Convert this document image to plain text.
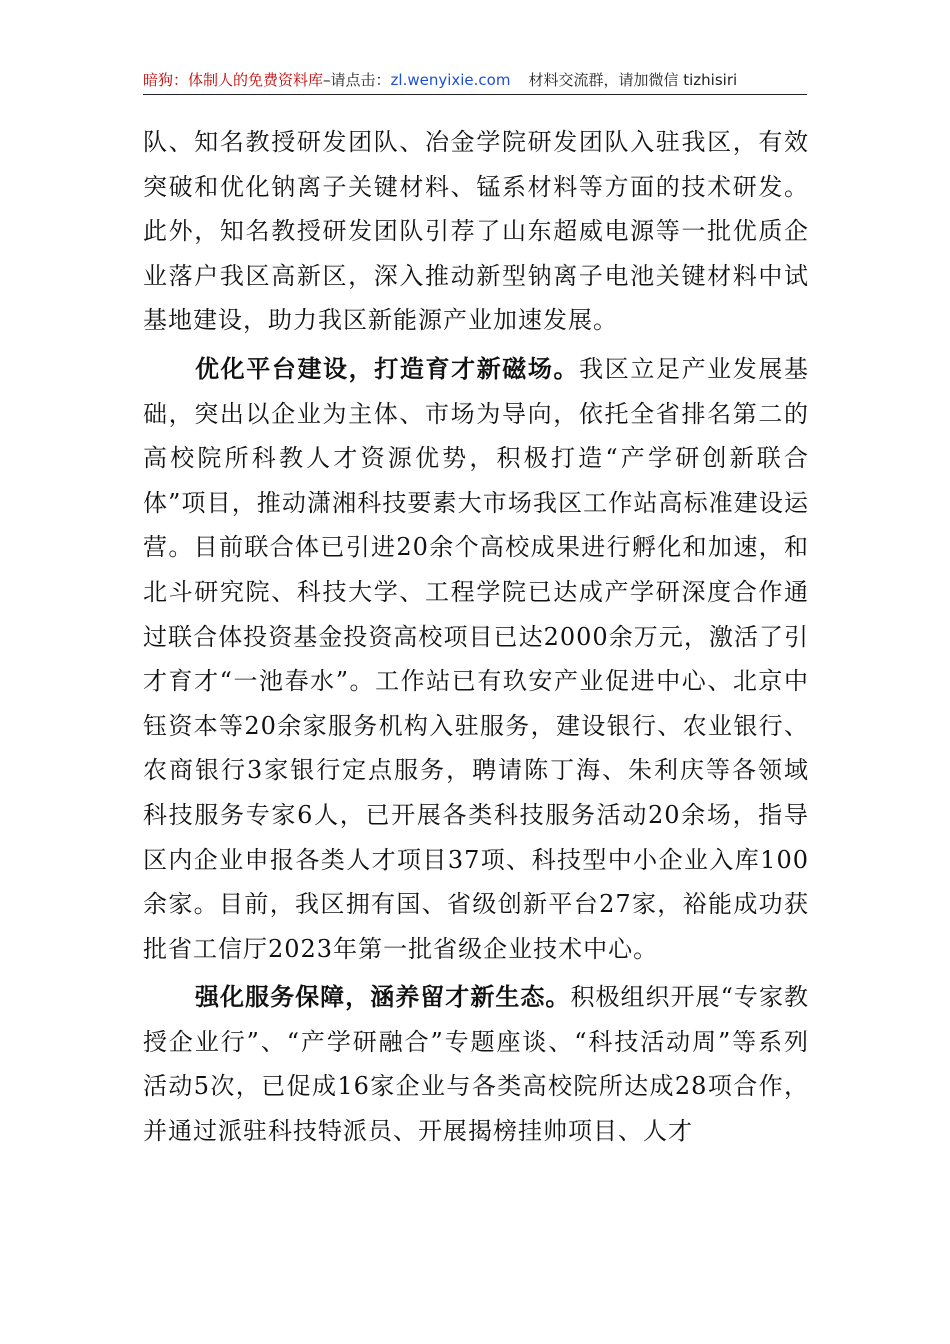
暗狗：体制人的免费资料库–请点击：zl.wenyixie.com 材料交流群，请加微信 tizhisiri

队、知名教授研发团队、冶金学院研发团队入驻我区，有效突破和优化钠离子关键材料、锰系材料等方面的技术研发。此外，知名教授研发团队引荐了山东超威电源等一批优质企业落户我区高新区，深入推动新型钠离子电池关键材料中试基地建设，助力我区新能源产业加速发展。

优化平台建设，打造育才新磁场。我区立足产业发展基础，突出以企业为主体、市场为导向，依托全省排名第二的高校院所科教人才资源优势，积极打造“产学研创新联合体”项目，推动潇湘科技要素大市场我区工作站高标准建设运营。目前联合体已引进20余个高校成果进行孵化和加速，和北斗研究院、科技大学、工程学院已达成产学研深度合作通过联合体投资基金投资高校项目已达2000余万元，激活了引才育才“一池春水”。工作站已有玖安产业促进中心、北京中钰资本等20余家服务机构入驻服务，建设银行、农业银行、农商银行3家银行定点服务，聘请陈丁海、朱利庆等各领域科技服务专家6人，已开展各类科技服务活动20余场，指导区内企业申报各类人才项目37项、科技型中小企业入库100余家。目前，我区拥有国、省级创新平台27家，裕能成功获批省工信厅2023年第一批省级企业技术中心。

强化服务保障，涵养留才新生态。积极组织开展“专家教授企业行”、“产学研融合”专题座谈、“科技活动周”等系列活动5次，已促成16家企业与各类高校院所达成28项合作，并通过派驻科技特派员、开展揭榜挂帅项目、人才
